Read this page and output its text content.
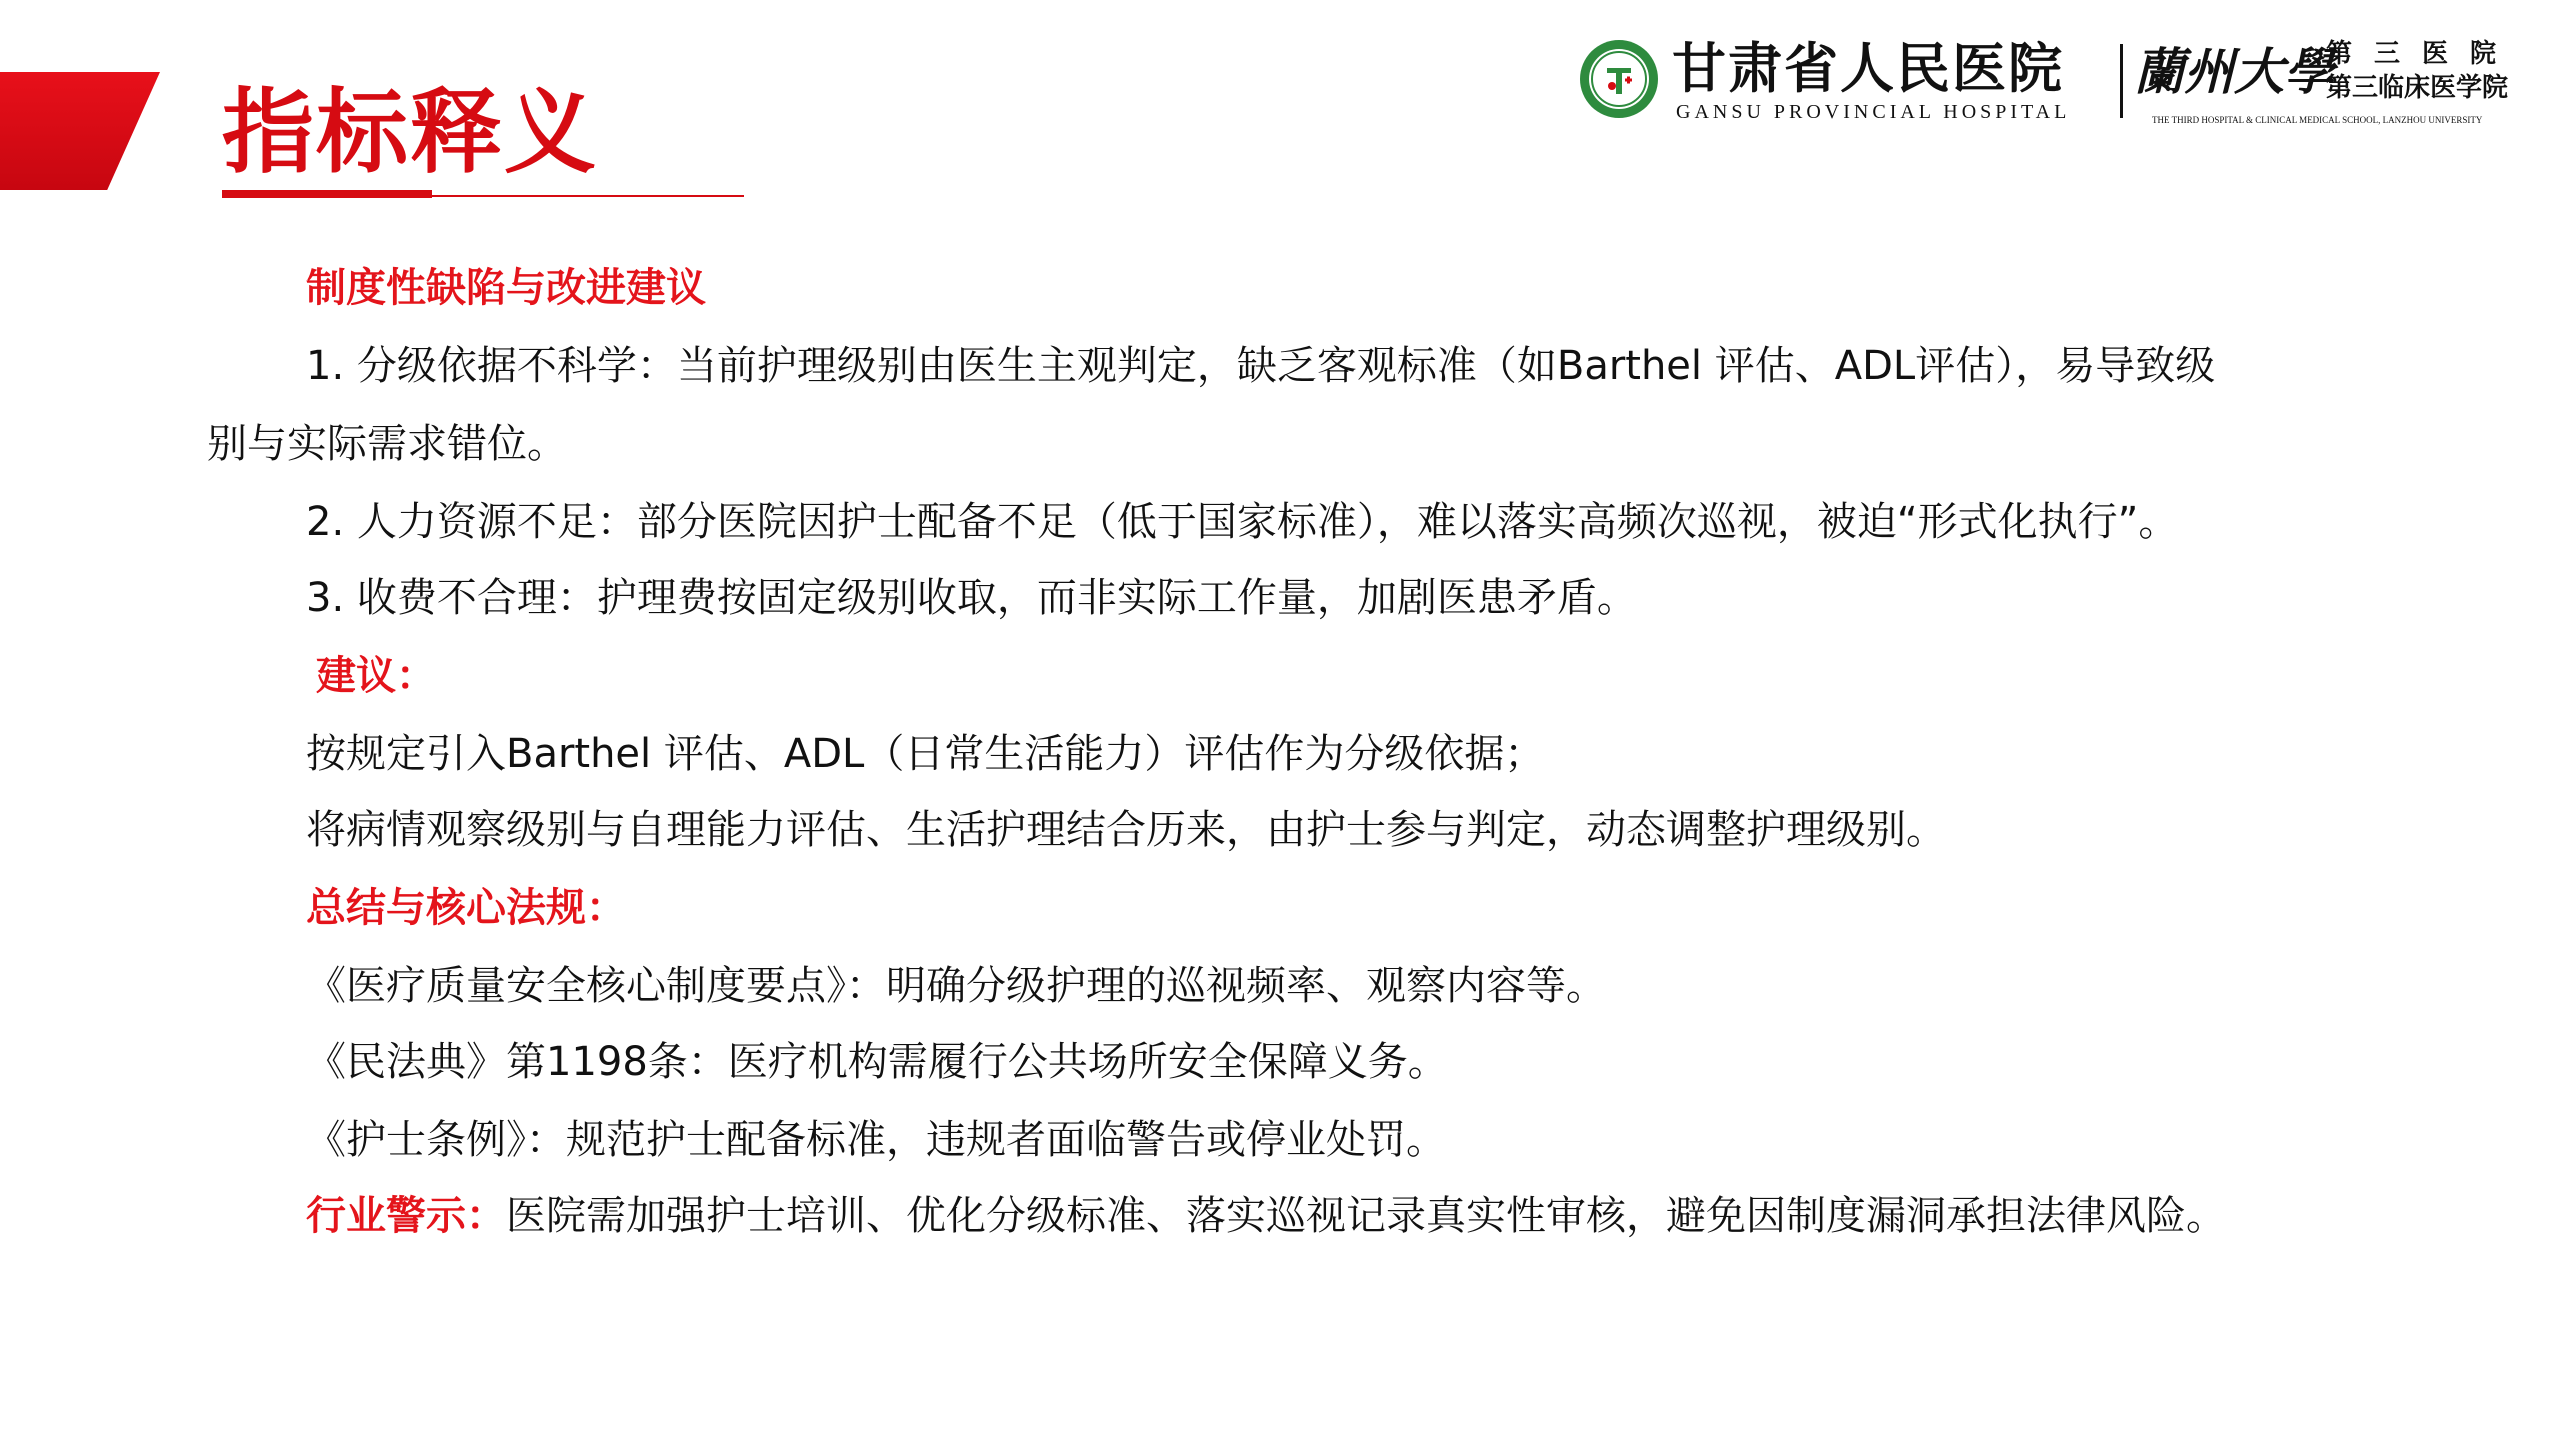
指标释义
甘肃省人民医院
GANSU PROVINCIAL HOSPITAL
蘭州大學
第三医院
第三临床医学院
THE THIRD HOSPITAL & CLINICAL MEDICAL SCHOOL, LANZHOU UNIVERSITY
制度性缺陷与改进建议
1. 分级依据不科学：当前护理级别由医生主观判定，缺乏客观标准（如Barthel 评估、ADL评估），易导致级
别与实际需求错位。
2. 人力资源不足：部分医院因护士配备不足（低于国家标准），难以落实高频次巡视，被迫“形式化执行”。
3. 收费不合理：护理费按固定级别收取，而非实际工作量，加剧医患矛盾。
建议：
按规定引入Barthel 评估、ADL（日常生活能力）评估作为分级依据；
将病情观察级别与自理能力评估、生活护理结合历来，由护士参与判定，动态调整护理级别。
总结与核心法规：
《医疗质量安全核心制度要点》：明确分级护理的巡视频率、观察内容等。
《民法典》第1198条：医疗机构需履行公共场所安全保障义务。
《护士条例》：规范护士配备标准，违规者面临警告或停业处罚。
行业警示：医院需加强护士培训、优化分级标准、落实巡视记录真实性审核，避免因制度漏洞承担法律风险。
